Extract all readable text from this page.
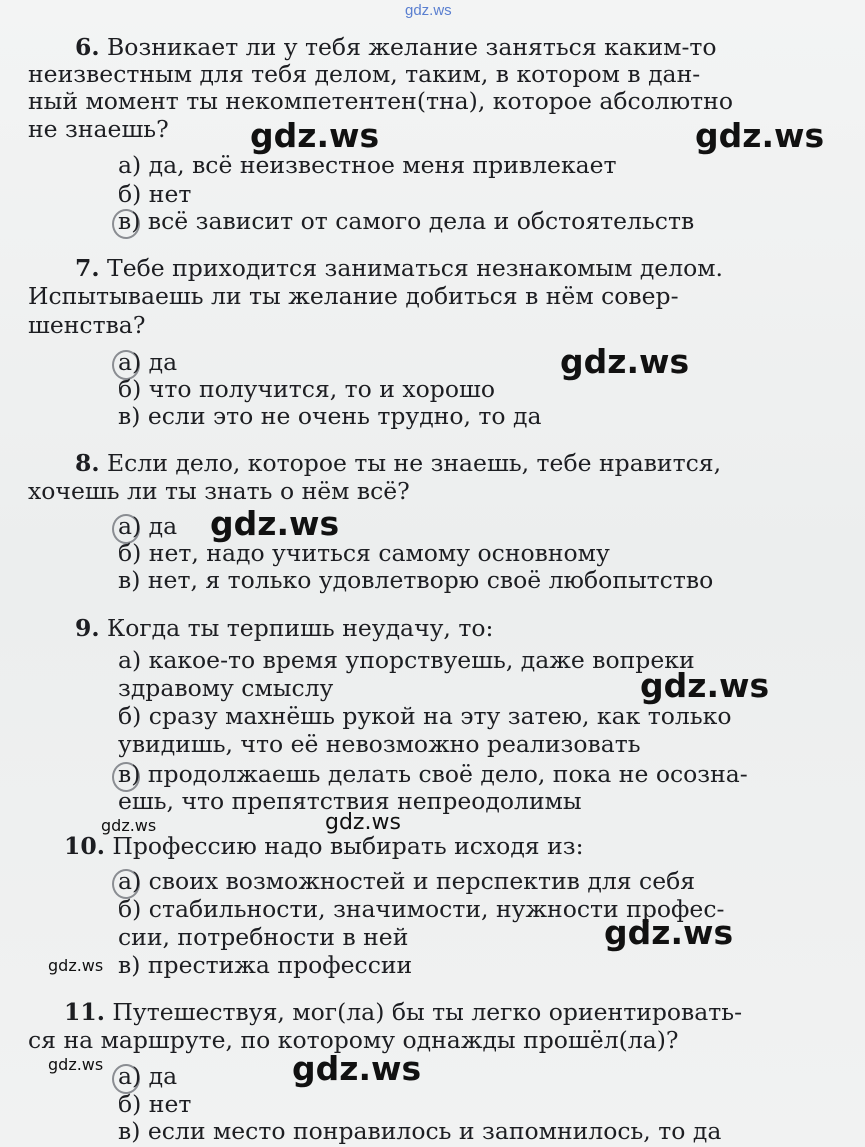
gdz.ws
6. Возникает ли у тебя желание заняться каким-то
неизвестным для тебя делом, таким, в котором в дан-
ный момент ты некомпетентен(тна), которое абсолютно
не знаешь?
а) да, всё неизвестное меня привлекает
б) нет
в) всё зависит от самого дела и обстоятельств
7. Тебе приходится заниматься незнакомым делом.
Испытываешь ли ты желание добиться в нём совер-
шенства?
а) да
б) что получится, то и хорошо
в) если это не очень трудно, то да
8. Если дело, которое ты не знаешь, тебе нравится,
хочешь ли ты знать о нём всё?
а) да
б) нет, надо учиться самому основному
в) нет, я только удовлетворю своё любопытство
9. Когда ты терпишь неудачу, то:
а) какое-то время упорствуешь, даже вопреки
здравому смыслу
б) сразу махнёшь рукой на эту затею, как только
увидишь, что её невозможно реализовать
в) продолжаешь делать своё дело, пока не осозна-
ешь, что препятствия непреодолимы
10. Профессию надо выбирать исходя из:
а) своих возможностей и перспектив для себя
б) стабильности, значимости, нужности профес-
сии, потребности в ней
в) престижа профессии
11. Путешествуя, мог(ла) бы ты легко ориентировать-
ся на маршруте, по которому однажды прошёл(ла)?
а) да
б) нет
в) если место понравилось и запомнилось, то да
gdz.ws	gdz.ws
gdz.ws
gdz.ws
gdz.ws
gdz.ws	gdz.ws
gdz.ws
gdz.ws
gdz.ws	gdz.ws
